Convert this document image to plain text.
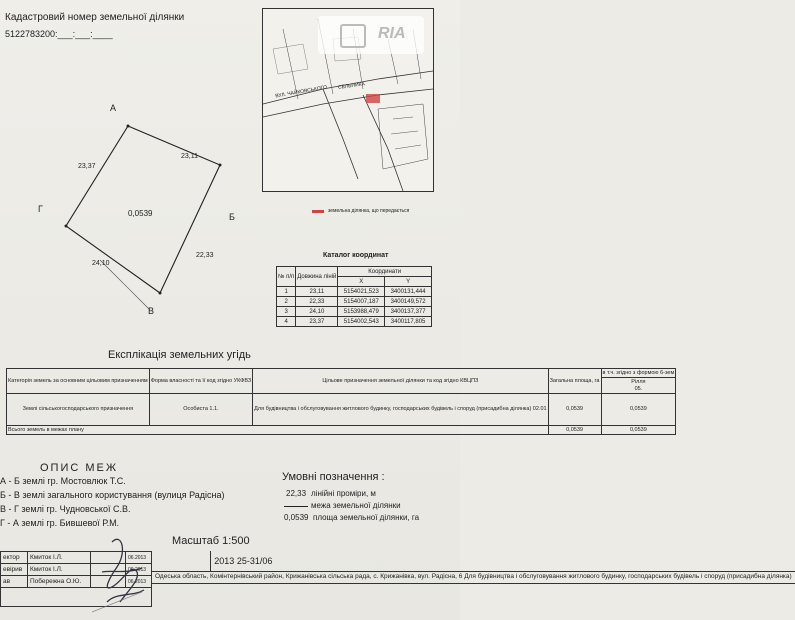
Кадастровий номер земельної ділянки
5122783200:___:___:____
А
Б
В
Г
23,11
22,33
24,10
23,37
0,0539
ВУЛ. ЧАЙКОВСЬКОГО СЕЛЬНИКА
земельна ділянка, що передається
Каталог координат
№ п/п	Довжина ліній	Координати	
		X	Y
1	23,11	5154021,523	3400131,444
2	22,33	5154007,187	3400149,572
3	24,10	5153988,479	3400137,377
4	23,37	5154002,543	3400117,805
Експлікація земельних угідь
Категорія земель за основним цільовим призначенням	Форма власності та її код згідно УКФВЗ	Цільове призначення земельної ділянки та код згідно КВЦПЗ	Загальна площа, га	в т.ч. згідно з формою 6-зем
				Рілля
05.
Землі сільськогосподарського призначення	Особиста 1.1.	Для будівництва і обслуговування житлового будинку, господарських будівель і споруд (присадибна ділянка) 02.01	0,0539	0,0539
Всього земель в межах плану			0,0539	0,0539
ОПИС МЕЖ
А - Б землі гр. Мостовлюк Т.С.
Б - В землі загального користування (вулиця Радісна)
В - Г землі гр. Чудновської С.В.
Г - А землі гр. Бившевої Р.М.
Умовні позначення :
22,33 лінійні проміри, м
межа земельної ділянки
0,0539 площа земельної ділянки, га
Масштаб 1:500
ектор	Кмиток І.Л.		06.2013
евірив	Кмиток І.Л.		06.2013
ав	Побережна О.Ю.		06.2013

	2013 25-31/06
Одеська область, Комінтернівський район, Крижанівська сільська рада, с. Крижанівка, вул. Радісна, 6 Для будівництва і обслуговування житлового будинку, господарських будівель і споруд (присадибна ділянка)
RIA
